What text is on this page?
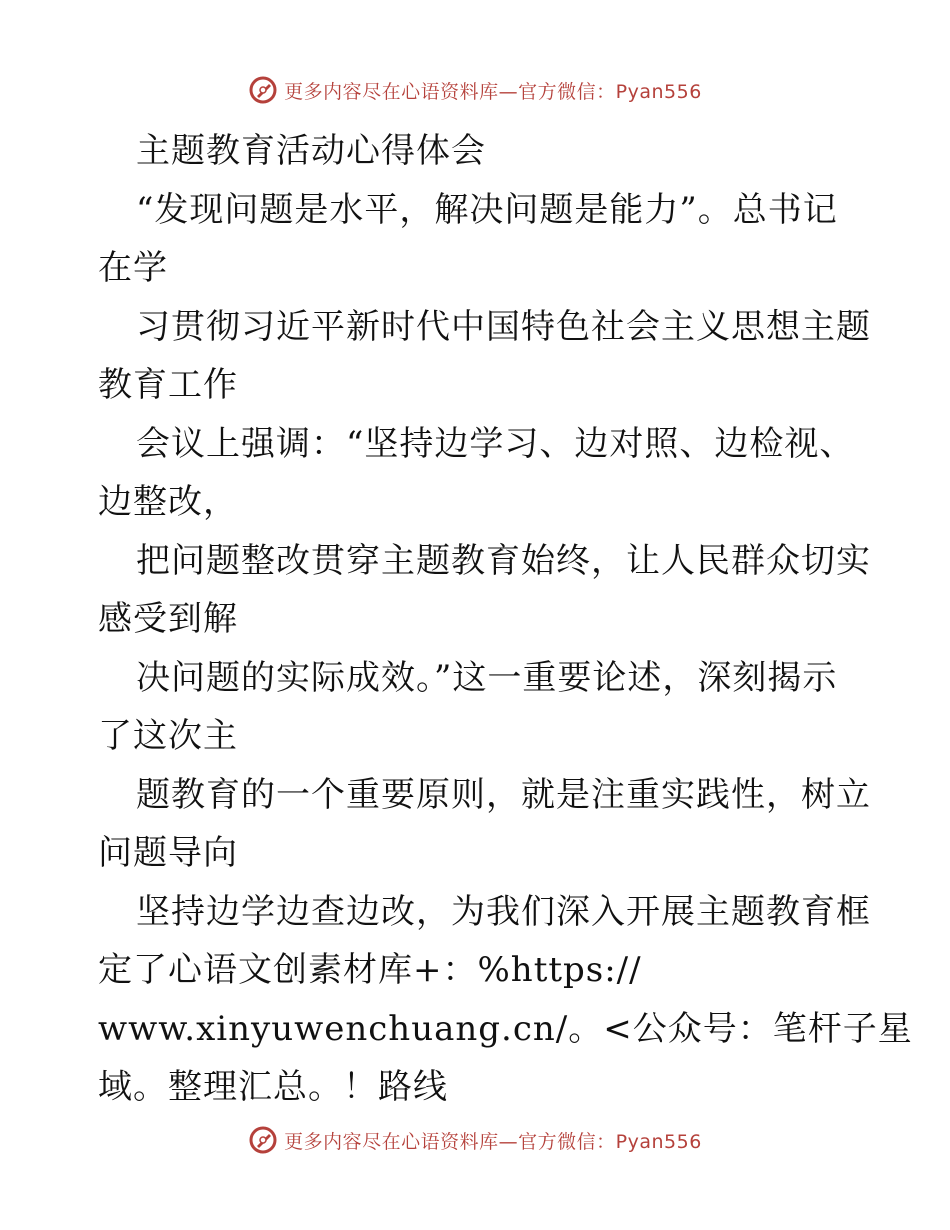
更多内容尽在心语资料库—官方微信：Pyan556
主题教育活动心得体会
“发现问题是水平，解决问题是能力”。总书记
在学
习贯彻习近平新时代中国特色社会主义思想主题
教育工作
会议上强调：“坚持边学习、边对照、边检视、
边整改，
把问题整改贯穿主题教育始终，让人民群众切实
感受到解
决问题的实际成效。”这一重要论述，深刻揭示
了这次主
题教育的一个重要原则，就是注重实践性，树立
问题导向
坚持边学边查边改，为我们深入开展主题教育框
定了心语文创素材库+：%https://
www.xinyuwenchuang.cn/。<公众号：笔杆子星
域。整理汇总。！路线
更多内容尽在心语资料库—官方微信：Pyan556
